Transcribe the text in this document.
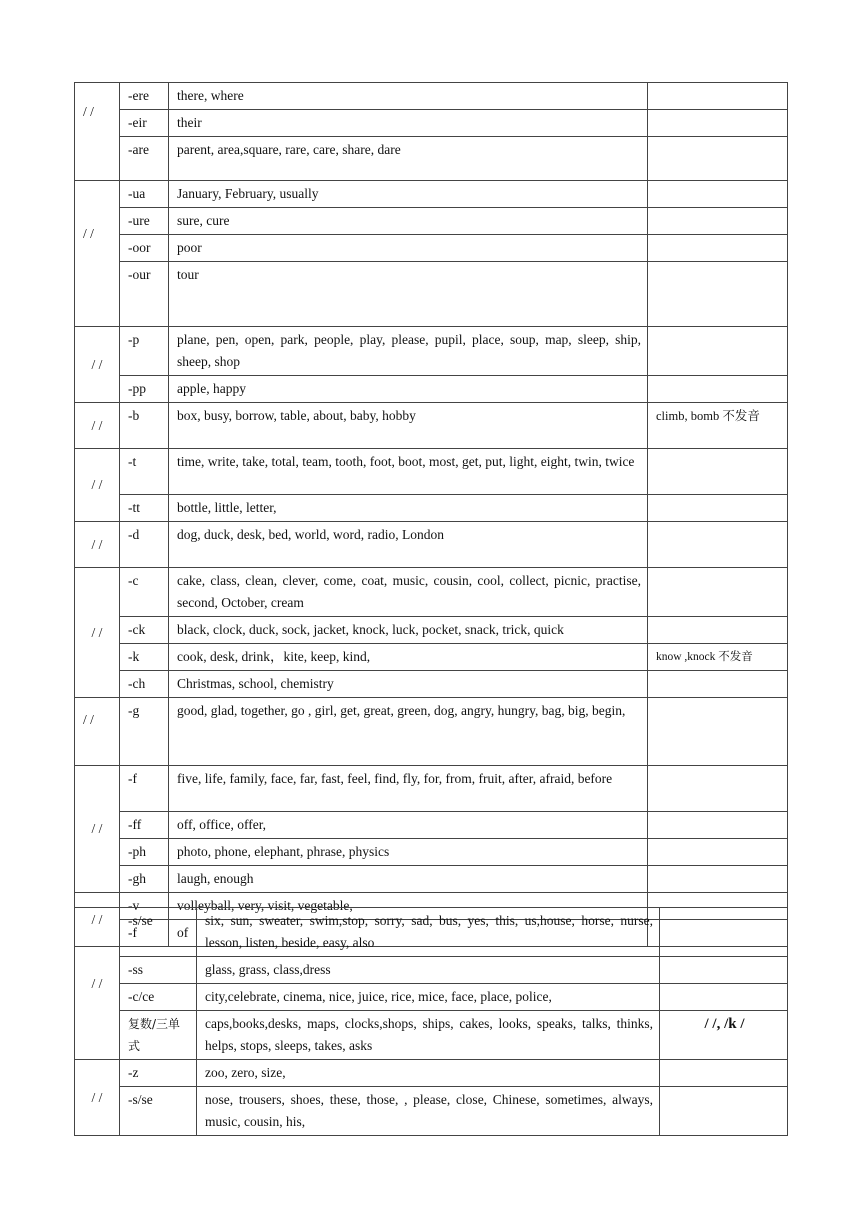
/ /	-ere	there, where	
	-eir	their	
	-are	parent, area,square, rare, care, share, dare	

/ /	-ua	January, February, usually	
	-ure	sure, cure	
	-oor	poor	
	-our	tour	

/ /	-p	plane, pen, open, park, people, play, please, pupil, place, soup, map, sleep, ship, sheep, shop	
	-pp	apple, happy	

/ /	-b	box, busy, borrow, table, about, baby, hobby	climb, bomb 不发音

/ /	-t	time, write, take, total, team, tooth, foot, boot, most, get, put, light, eight, twin, twice	
	-tt	bottle, little, letter,	

/ /	-d	dog, duck, desk, bed, world, word, radio, London	

/ /	-c	cake, class, clean, clever, come, coat, music, cousin, cool, collect, picnic, practise, second, October, cream	
	-ck	black, clock, duck, sock, jacket, knock, luck, pocket, snack, trick, quick	
	-k	cook, desk, drink，kite, keep, kind,	know ,knock 不发音
	-ch	Christmas, school, chemistry	

/ /	-g	good, glad, together, go , girl, get, great, green, dog, angry, hungry, bag, big, begin,	

/ /	-f	five, life, family, face, far, fast, feel, find, fly, for, from, fruit, after, afraid, before	
	-ff	off, office, offer,	
	-ph	photo, phone, elephant, phrase, physics	
	-gh	laugh, enough	

/ /	-v	volleyball, very, visit, vegetable,	
	-f	of	
/ /	-s/se	six, sun, sweater, swim,stop, sorry, sad, bus, yes, this, us,house, horse, nurse, lesson, listen, beside, easy, also	
	-ss	glass, grass, class,dress	
	-c/ce	city,celebrate, cinema, nice, juice, rice, mice, face, place, police,	
	复数/三单式	caps,books,desks, maps, clocks,shops, ships, cakes, looks, speaks, talks, thinks, helps, stops, sleeps, takes, asks	/ /, /k /

/ /	-z	zoo, zero, size,	
	-s/se	nose, trousers, shoes, these, those, , please, close, Chinese, sometimes, always, music, cousin, his,	
